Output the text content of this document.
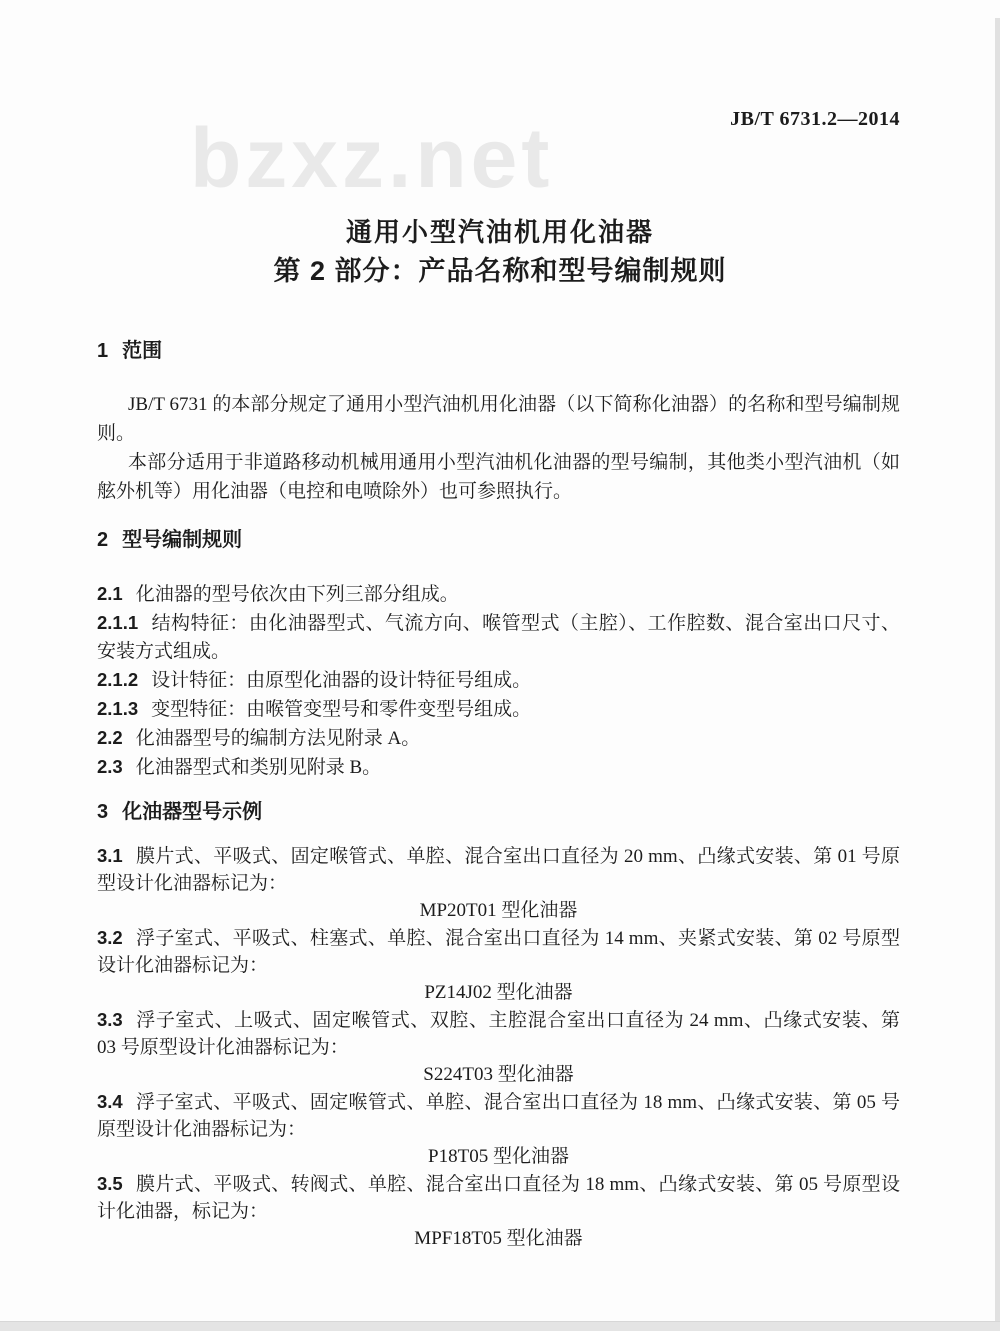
bzxz.net	JB/T 6731.2—2014
通用小型汽油机用化油器
第 2 部分：产品名称和型号编制规则
1 范围
JB/T 6731 的本部分规定了通用小型汽油机用化油器（以下简称化油器）的名称和型号编制规则。
本部分适用于非道路移动机械用通用小型汽油机化油器的型号编制，其他类小型汽油机（如舷外机等）用化油器（电控和电喷除外）也可参照执行。
2 型号编制规则
2.1 化油器的型号依次由下列三部分组成。
2.1.1 结构特征：由化油器型式、气流方向、喉管型式（主腔）、工作腔数、混合室出口尺寸、安装方式组成。
2.1.2 设计特征：由原型化油器的设计特征号组成。
2.1.3 变型特征：由喉管变型号和零件变型号组成。
2.2 化油器型号的编制方法见附录 A。
2.3 化油器型式和类别见附录 B。
3 化油器型号示例
3.1 膜片式、平吸式、固定喉管式、单腔、混合室出口直径为 20 mm、凸缘式安装、第 01 号原型设计化油器标记为：
MP20T01 型化油器
3.2 浮子室式、平吸式、柱塞式、单腔、混合室出口直径为 14 mm、夹紧式安装、第 02 号原型设计化油器标记为：
PZ14J02 型化油器
3.3 浮子室式、上吸式、固定喉管式、双腔、主腔混合室出口直径为 24 mm、凸缘式安装、第 03 号原型设计化油器标记为：
S224T03 型化油器
3.4 浮子室式、平吸式、固定喉管式、单腔、混合室出口直径为 18 mm、凸缘式安装、第 05 号原型设计化油器标记为：
P18T05 型化油器
3.5 膜片式、平吸式、转阀式、单腔、混合室出口直径为 18 mm、凸缘式安装、第 05 号原型设计化油器，标记为：
MPF18T05 型化油器
